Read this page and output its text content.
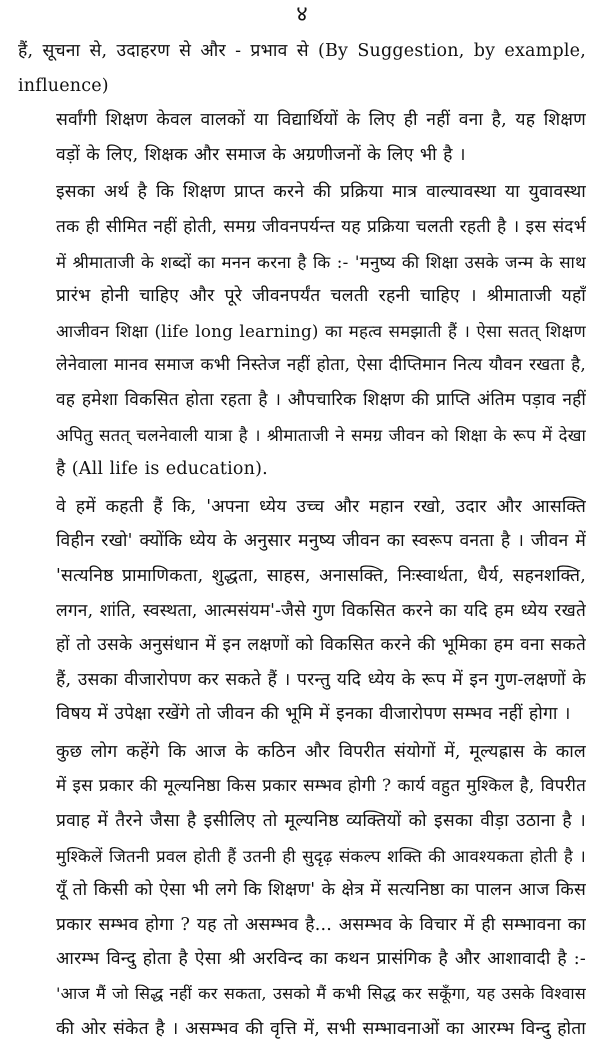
४
हैं, सूचना से, उदाहरण से और - प्रभाव से (By Suggestion, by example,
influence)
सर्वांगी शिक्षण केवल वालकों या विद्यार्थियों के लिए ही नहीं वना है, यह शिक्षण
वड़ों के लिए, शिक्षक और समाज के अग्रणीजनों के लिए भी है ।
इसका अर्थ है कि शिक्षण प्राप्त करने की प्रक्रिया मात्र वाल्यावस्था या युवावस्था
तक ही सीमित नहीं होती, समग्र जीवनपर्यन्त यह प्रक्रिया चलती रहती है । इस संदर्भ
में श्रीमाताजी के शब्दों का मनन करना है कि :- 'मनुष्य की शिक्षा उसके जन्म के साथ
प्रारंभ होनी चाहिए और पूरे जीवनपर्यंत चलती रहनी चाहिए । श्रीमाताजी यहाँ
आजीवन शिक्षा (life long learning) का महत्व समझाती हैं । ऐसा सतत् शिक्षण
लेनेवाला मानव समाज कभी निस्तेज नहीं होता, ऐसा दीप्तिमान नित्य यौवन रखता है,
वह हमेशा विकसित होता रहता है । औपचारिक शिक्षण की प्राप्ति अंतिम पड़ाव नहीं
अपितु सतत् चलनेवाली यात्रा है । श्रीमाताजी ने समग्र जीवन को शिक्षा के रूप में देखा
है (All life is education).
वे हमें कहती हैं कि, 'अपना ध्येय उच्च और महान रखो, उदार और आसक्ति
विहीन रखो' क्योंकि ध्येय के अनुसार मनुष्य जीवन का स्वरूप वनता है । जीवन में
'सत्यनिष्ठ प्रामाणिकता, शुद्धता, साहस, अनासक्ति, निःस्वार्थता, धैर्य, सहनशक्ति,
लगन, शांति, स्वस्थता, आत्मसंयम'-जैसे गुण विकसित करने का यदि हम ध्येय रखते
हों तो उसके अनुसंधान में इन लक्षणों को विकसित करने की भूमिका हम वना सकते
हैं, उसका वीजारोपण कर सकते हैं । परन्तु यदि ध्येय के रूप में इन गुण-लक्षणों के
विषय में उपेक्षा रखेंगे तो जीवन की भूमि में इनका वीजारोपण सम्भव नहीं होगा ।
कुछ लोग कहेंगे कि आज के कठिन और विपरीत संयोगों में, मूल्यह्रास के काल
में इस प्रकार की मूल्यनिष्ठा किस प्रकार सम्भव होगी ? कार्य वहुत मुश्किल है, विपरीत
प्रवाह में तैरने जैसा है इसीलिए तो मूल्यनिष्ठ व्यक्तियों को इसका वीड़ा उठाना है ।
मुश्किलें जितनी प्रवल होती हैं उतनी ही सुदृढ़ संकल्प शक्ति की आवश्यकता होती है ।
यूँ तो किसी को ऐसा भी लगे कि शिक्षण' के क्षेत्र में सत्यनिष्ठा का पालन आज किस
प्रकार सम्भव होगा ? यह तो असम्भव है... असम्भव के विचार में ही सम्भावना का
आरम्भ विन्दु होता है ऐसा श्री अरविन्द का कथन प्रासंगिक है और आशावादी है :-
'आज मैं जो सिद्ध नहीं कर सकता, उसको मैं कभी सिद्ध कर सकूँगा, यह उसके विश्वास
की ओर संकेत है । असम्भव की वृत्ति में, सभी सम्भावनाओं का आरम्भ विन्दु होता
